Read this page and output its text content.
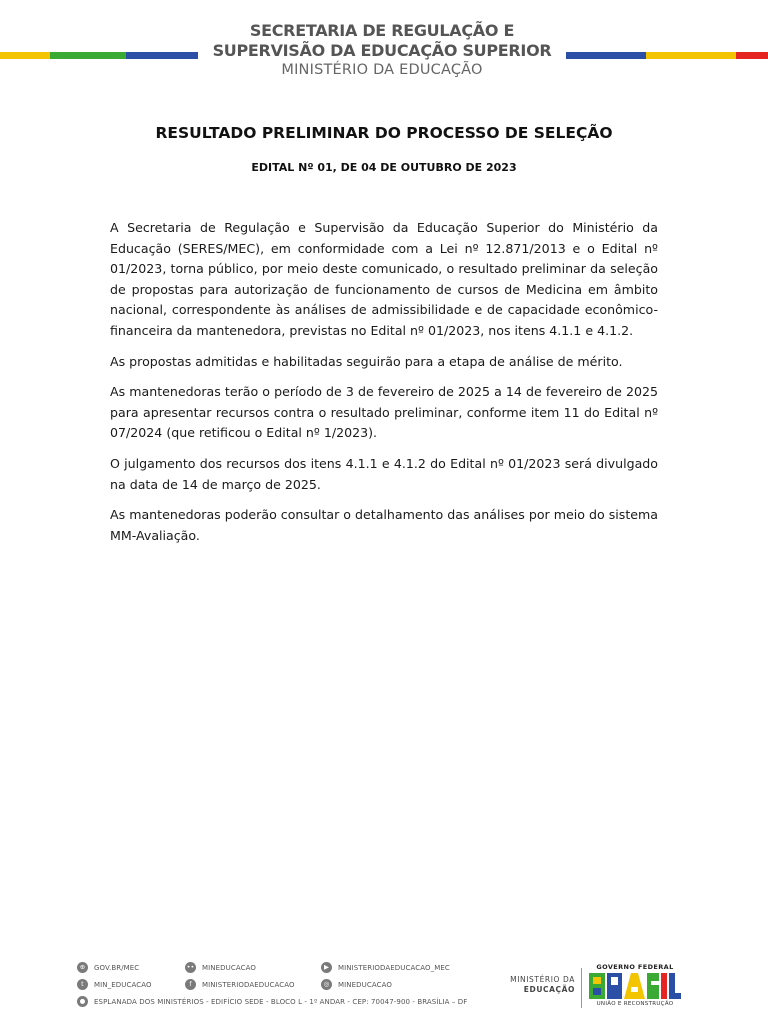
SECRETARIA DE REGULAÇÃO E
SUPERVISÃO DA EDUCAÇÃO SUPERIOR
MINISTÉRIO DA EDUCAÇÃO
RESULTADO PRELIMINAR DO PROCESSO DE SELEÇÃO
EDITAL Nº 01, DE 04 DE OUTUBRO DE 2023

A Secretaria de Regulação e Supervisão da Educação Superior do Ministério da Educação (SERES/MEC), em conformidade com a Lei nº 12.871/2013 e o Edital nº 01/2023, torna público, por meio deste comunicado, o resultado preliminar da seleção de propostas para autorização de funcionamento de cursos de Medicina em âmbito nacional, correspondente às análises de admissibilidade e de capacidade econômico-financeira da mantenedora, previstas no Edital nº 01/2023, nos itens 4.1.1 e 4.1.2.

As propostas admitidas e habilitadas seguirão para a etapa de análise de mérito.

As mantenedoras terão o período de 3 de fevereiro de 2025 a 14 de fevereiro de 2025 para apresentar recursos contra o resultado preliminar, conforme item 11 do Edital nº 07/2024 (que retificou o Edital nº 1/2023).

O julgamento dos recursos dos itens 4.1.1 e 4.1.2 do Edital nº 01/2023 será divulgado na data de 14 de março de 2025.

As mantenedoras poderão consultar o detalhamento das análises por meio do sistema MM-Avaliação.

⊕	GOV.BR/MEC	•• MINEDUCACAO	▶	MINISTERIODAEDUCACAO_MEC
t	MIN_EDUCACAO	f	MINISTERIODAEDUCACAO	◎	MINEDUCACAO
●	ESPLANADA DOS MINISTÉRIOS - EDIFÍCIO SEDE - BLOCO L - 1º ANDAR - CEP: 70047-900 - BRASÍLIA – DF
MINISTÉRIO DA
EDUCAÇÃO
GOVERNO FEDERAL
UNIÃO E RECONSTRUÇÃO
